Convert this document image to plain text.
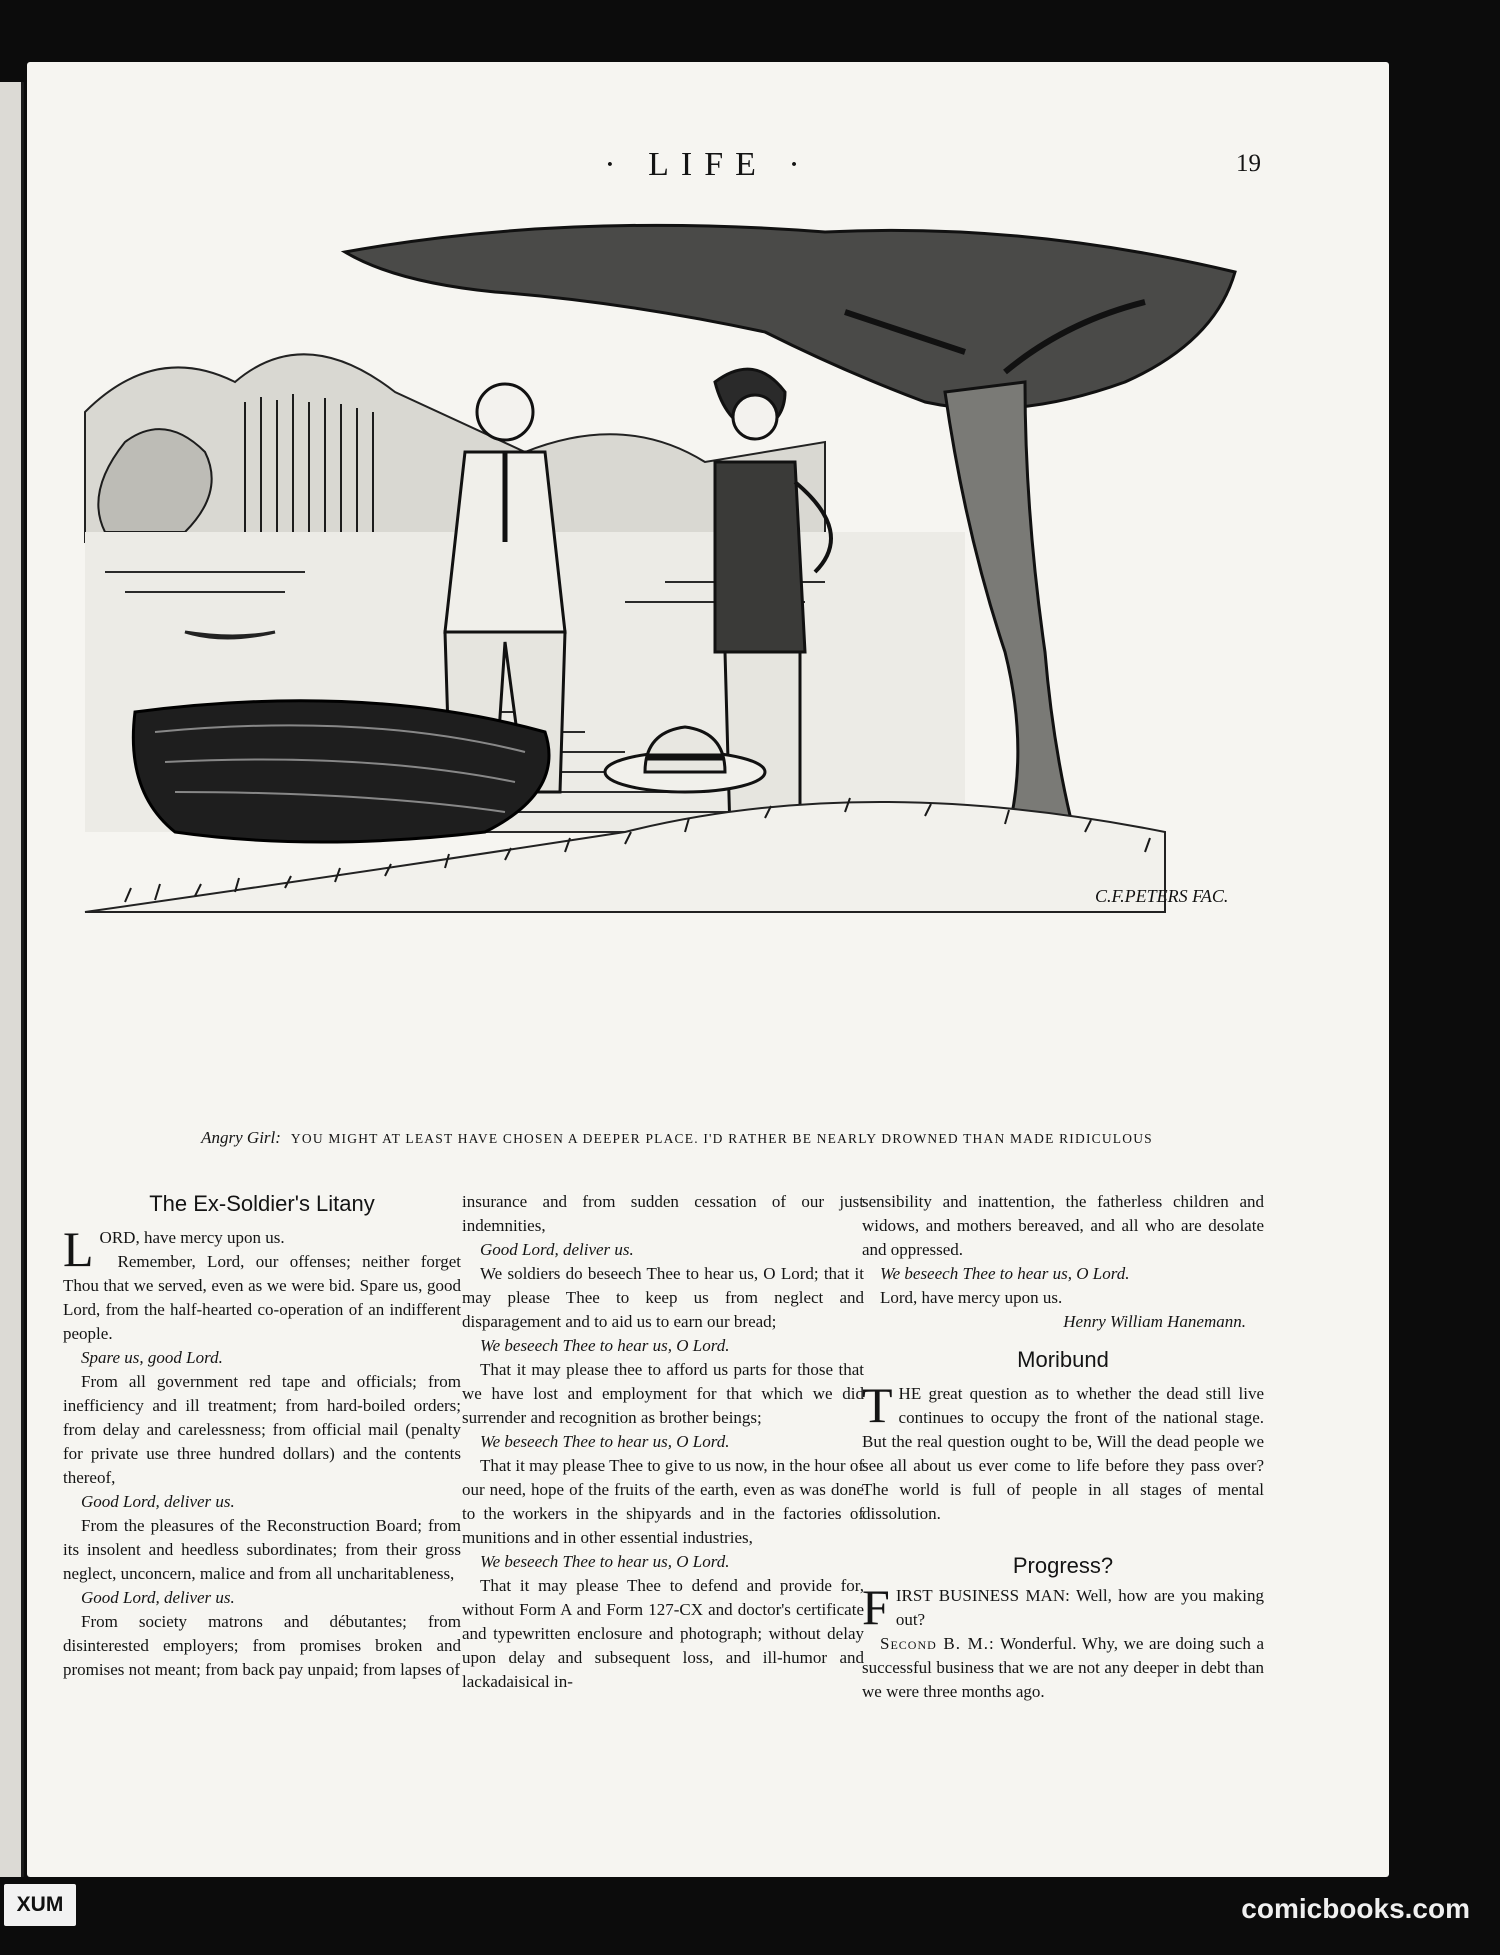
· LIFE ·	19
C.F.PETERS FAC.
Angry Girl: YOU MIGHT AT LEAST HAVE CHOSEN A DEEPER PLACE. I'D RATHER BE NEARLY DROWNED THAN MADE RIDICULOUS
The Ex-Soldier's Litany

LORD, have mercy upon us.

Remember, Lord, our offenses; neither forget Thou that we served, even as we were bid. Spare us, good Lord, from the half-hearted co-operation of an indifferent people.

Spare us, good Lord.

From all government red tape and officials; from inefficiency and ill treatment; from hard-boiled orders; from delay and carelessness; from official mail (penalty for private use three hundred dollars) and the contents thereof,

Good Lord, deliver us.

From the pleasures of the Reconstruction Board; from its insolent and heedless subordinates; from their gross neglect, unconcern, malice and from all uncharitableness,

Good Lord, deliver us.

From society matrons and débutantes; from disinterested employers; from promises broken and promises not meant; from back pay unpaid; from lapses of

insurance and from sudden cessation of our just indemnities,

Good Lord, deliver us.

We soldiers do beseech Thee to hear us, O Lord; that it may please Thee to keep us from neglect and disparagement and to aid us to earn our bread;

We beseech Thee to hear us, O Lord.

That it may please thee to afford us parts for those that we have lost and employment for that which we did surrender and recognition as brother beings;

We beseech Thee to hear us, O Lord.

That it may please Thee to give to us now, in the hour of our need, hope of the fruits of the earth, even as was done to the workers in the shipyards and in the factories of munitions and in other essential industries,

We beseech Thee to hear us, O Lord.

That it may please Thee to defend and provide for, without Form A and Form 127-CX and doctor's certificate and typewritten enclosure and photograph; without delay upon delay and subsequent loss, and ill-humor and lackadaisical in-

sensibility and inattention, the fatherless children and widows, and mothers bereaved, and all who are desolate and oppressed.

We beseech Thee to hear us, O Lord.

Lord, have mercy upon us.

Henry William Hanemann.

Moribund

THE great question as to whether the dead still live continues to occupy the front of the national stage. But the real question ought to be, Will the dead people we see all about us ever come to life before they pass over? The world is full of people in all stages of mental dissolution.

Progress?

FIRST BUSINESS MAN: Well, how are you making out?

Second B. M.: Wonderful. Why, we are doing such a successful business that we are not any deeper in debt than we were three months ago.

XUM	comicbooks.com
